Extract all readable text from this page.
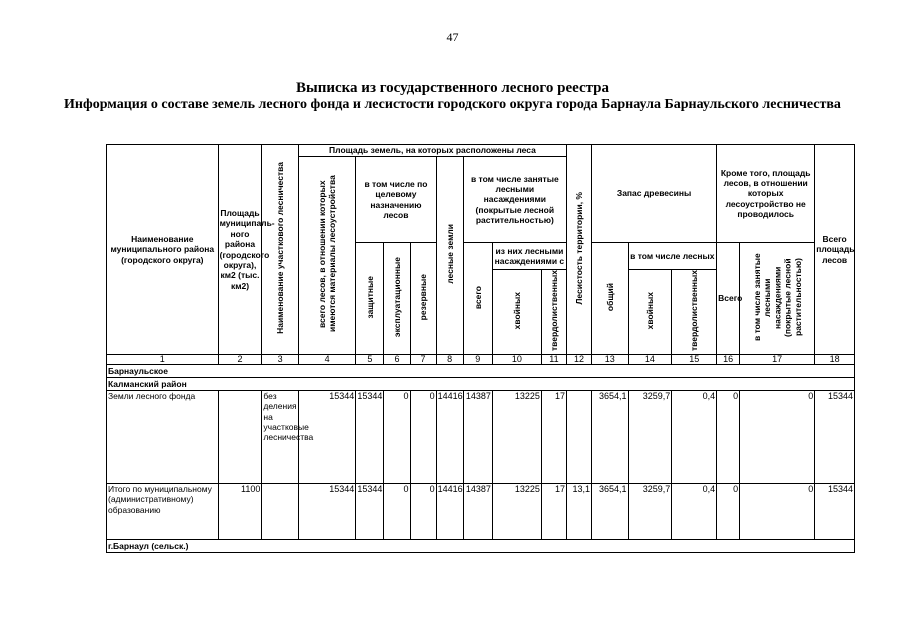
47
Выписка из государственного лесного реестра
Информация о составе земель лесного фонда и лесистости городского округа города Барнаула Барнаульского лесничества
Наименование муниципального района (городского округа)	Площадь муниципаль-ного района (городского округа), км2 (тыс. км2)	Наименование участкового лесничества	Площадь земель, на которых расположены леса								Лесистость территории, %	Запас древесины			Кроме того, площадь лесов, в отношении которых лесоустройство не проводилось		Всего площадь лесов
			всего лесов, в отношении которых имеются материалы лесоустройства	в том числе по целевому назначению лесов			лесные земли	в том числе занятые лесными насаждениями (покрытые лесной растительностью)									
				защитные	эксплуатационные	резервные		всего	из них лесными насаждениями с			общий	в том числе лесных		Всего	в том числе занятые лесными насаждениями (покрытые лесной растительностью)	
									хвойных	твердолиственных			хвойных	твердолиственных			
1	2	3	4	5	6	7	8	9	10	11	12	13	14	15	16	17	18
Барнаульское																	
Калманский район																	
Земли лесного фонда		без деления на участковые лесничества	15344	15344	0	0	14416	14387	13225	17		3654,1	3259,7	0,4	0	0	15344
Итого по муниципальному (административному) образованию	1100		15344	15344	0	0	14416	14387	13225	17	13,1	3654,1	3259,7	0,4	0	0	15344
г.Барнаул (сельск.)																	
